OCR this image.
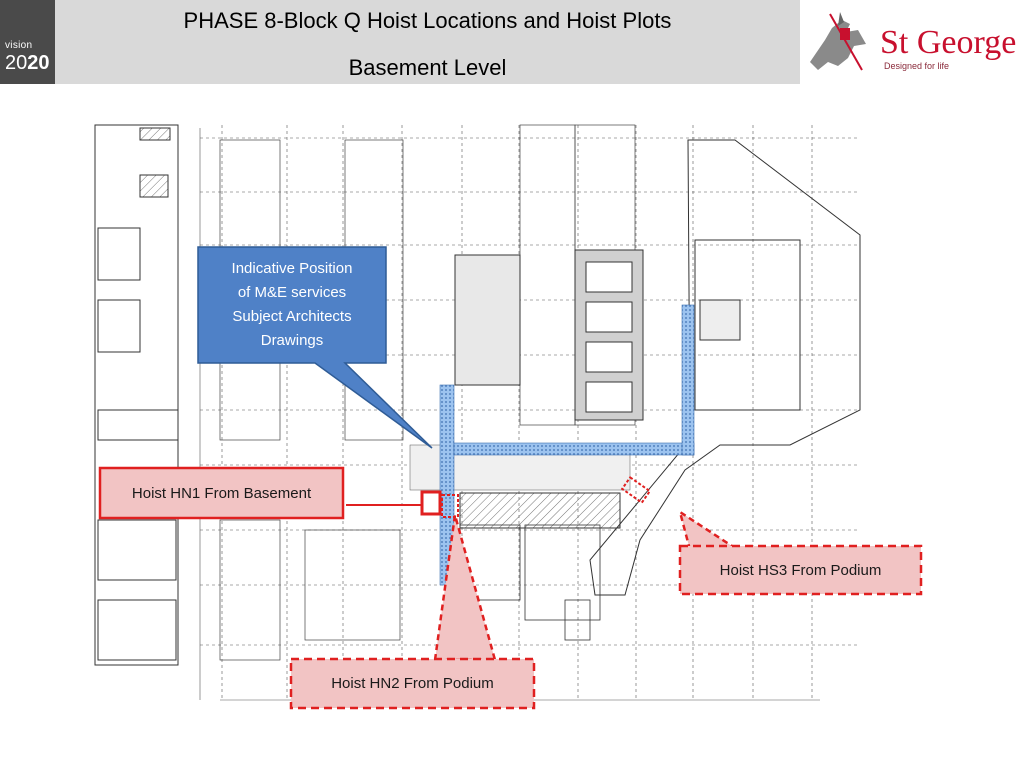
vision
2020
PHASE 8-Block Q Hoist Locations and Hoist Plots
Basement Level
St George
Designed for life
Indicative Position
of M&E services
Subject Architects
Drawings
Hoist HN1 From Basement
Hoist HS3 From Podium
Hoist HN2 From Podium
